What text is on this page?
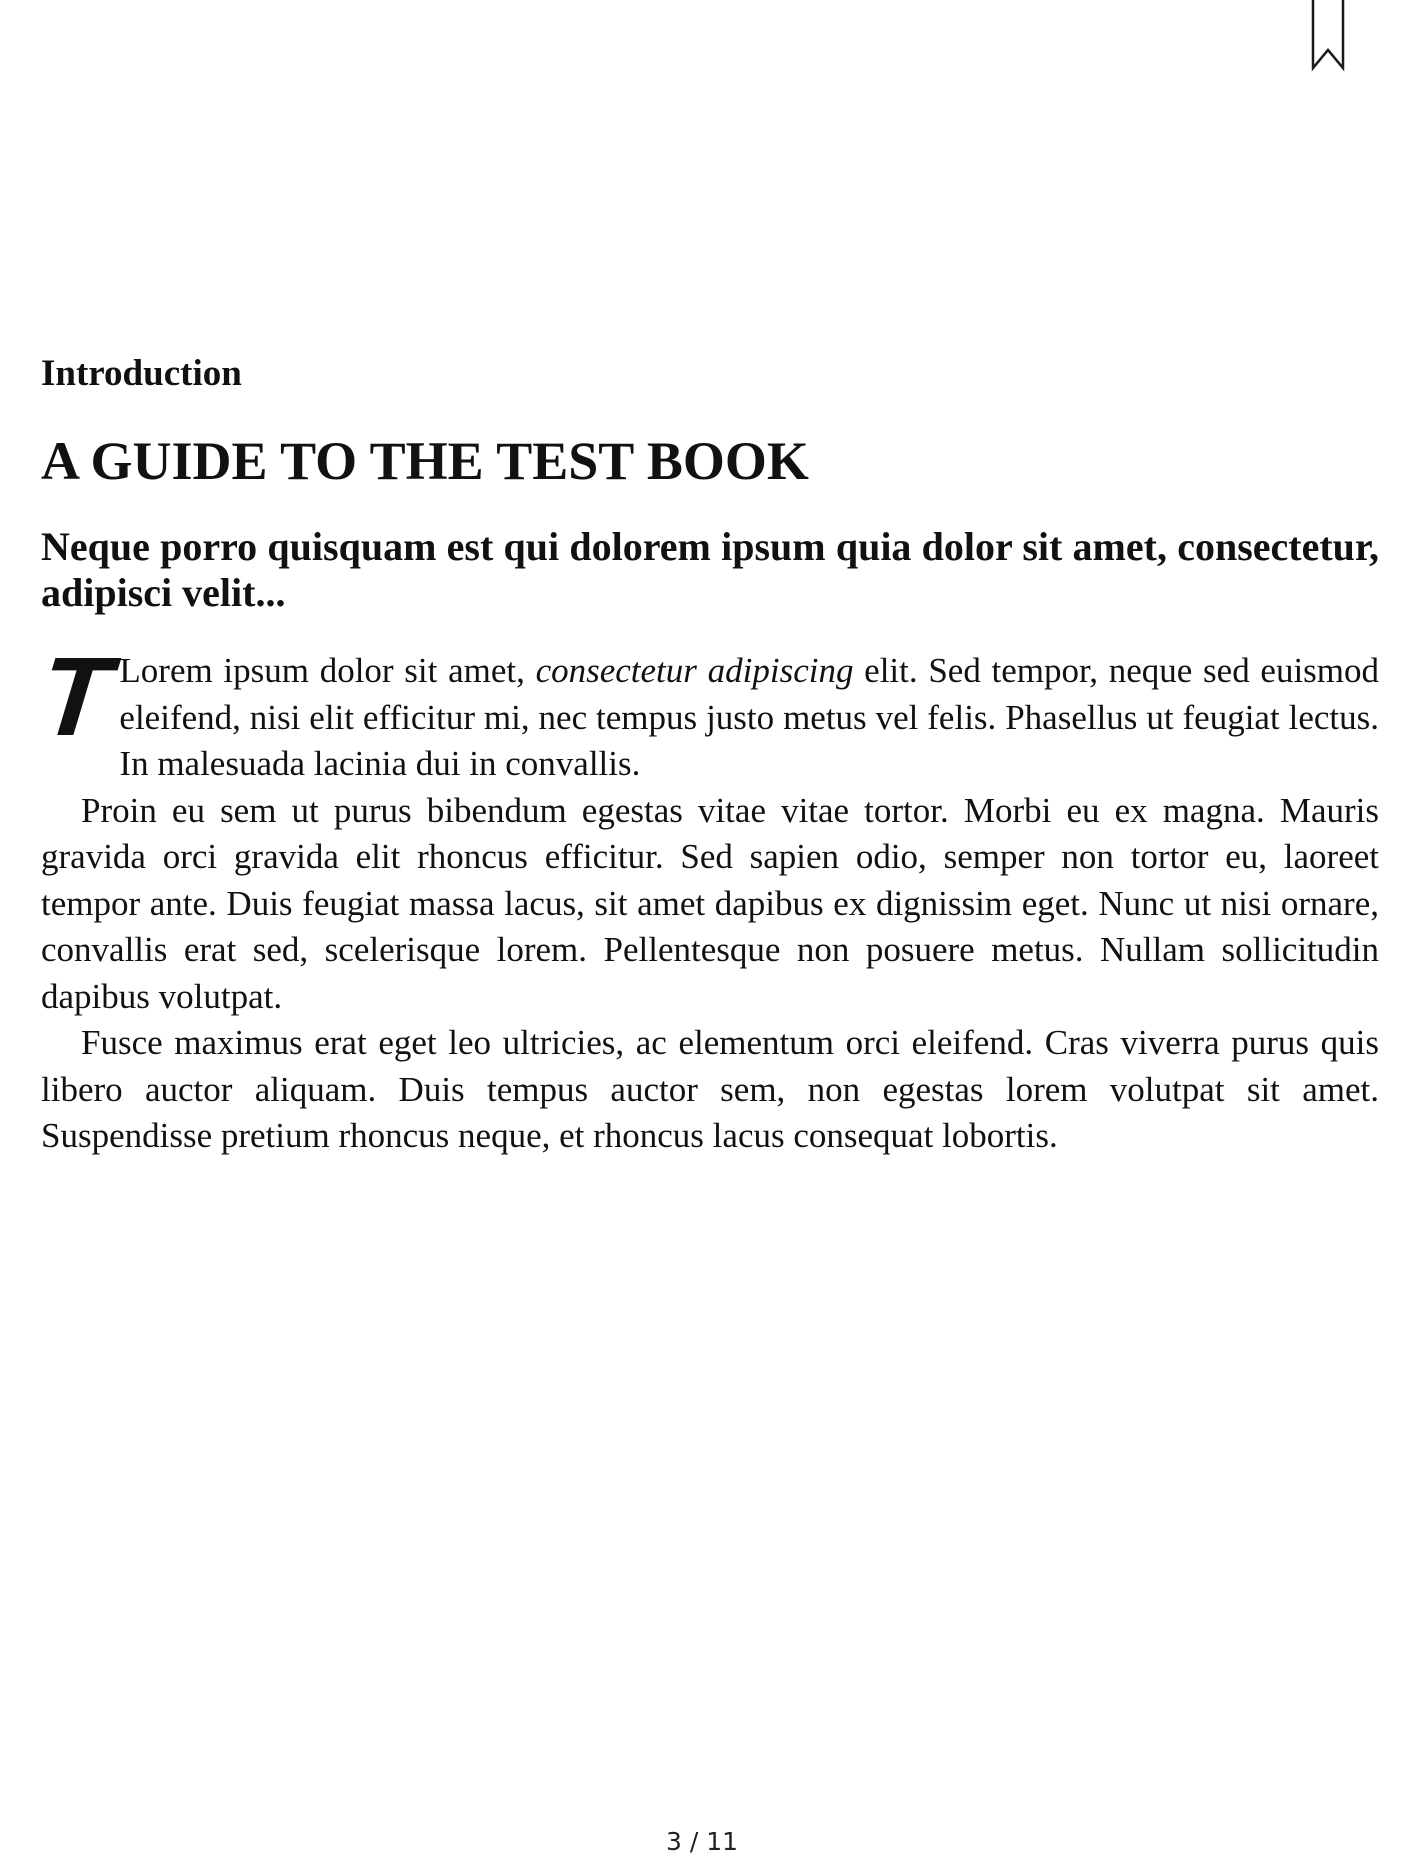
Introduction
A GUIDE TO THE TEST BOOK
Neque porro quisquam est qui dolorem ipsum quia dolor sit amet, consectetur, adipisci velit...

T Lorem ipsum dolor sit amet, consectetur adipiscing elit. Sed tempor, neque sed euismod eleifend, nisi elit efficitur mi, nec tempus justo metus vel felis. Phasellus ut feugiat lectus. In malesuada lacinia dui in convallis.

Proin eu sem ut purus bibendum egestas vitae vitae tortor. Morbi eu ex magna. Mauris gravida orci gravida elit rhoncus efficitur. Sed sapien odio, semper non tortor eu, laoreet tempor ante. Duis feugiat massa lacus, sit amet dapibus ex dignissim eget. Nunc ut nisi ornare, convallis erat sed, scelerisque lorem. Pellentesque non posuere metus. Nullam sollicitudin dapibus volutpat.

Fusce maximus erat eget leo ultricies, ac elementum orci eleifend. Cras viverra purus quis libero auctor aliquam. Duis tempus auctor sem, non egestas lorem volutpat sit amet. Suspendisse pretium rhoncus neque, et rhoncus lacus consequat lobortis.

3 / 11
